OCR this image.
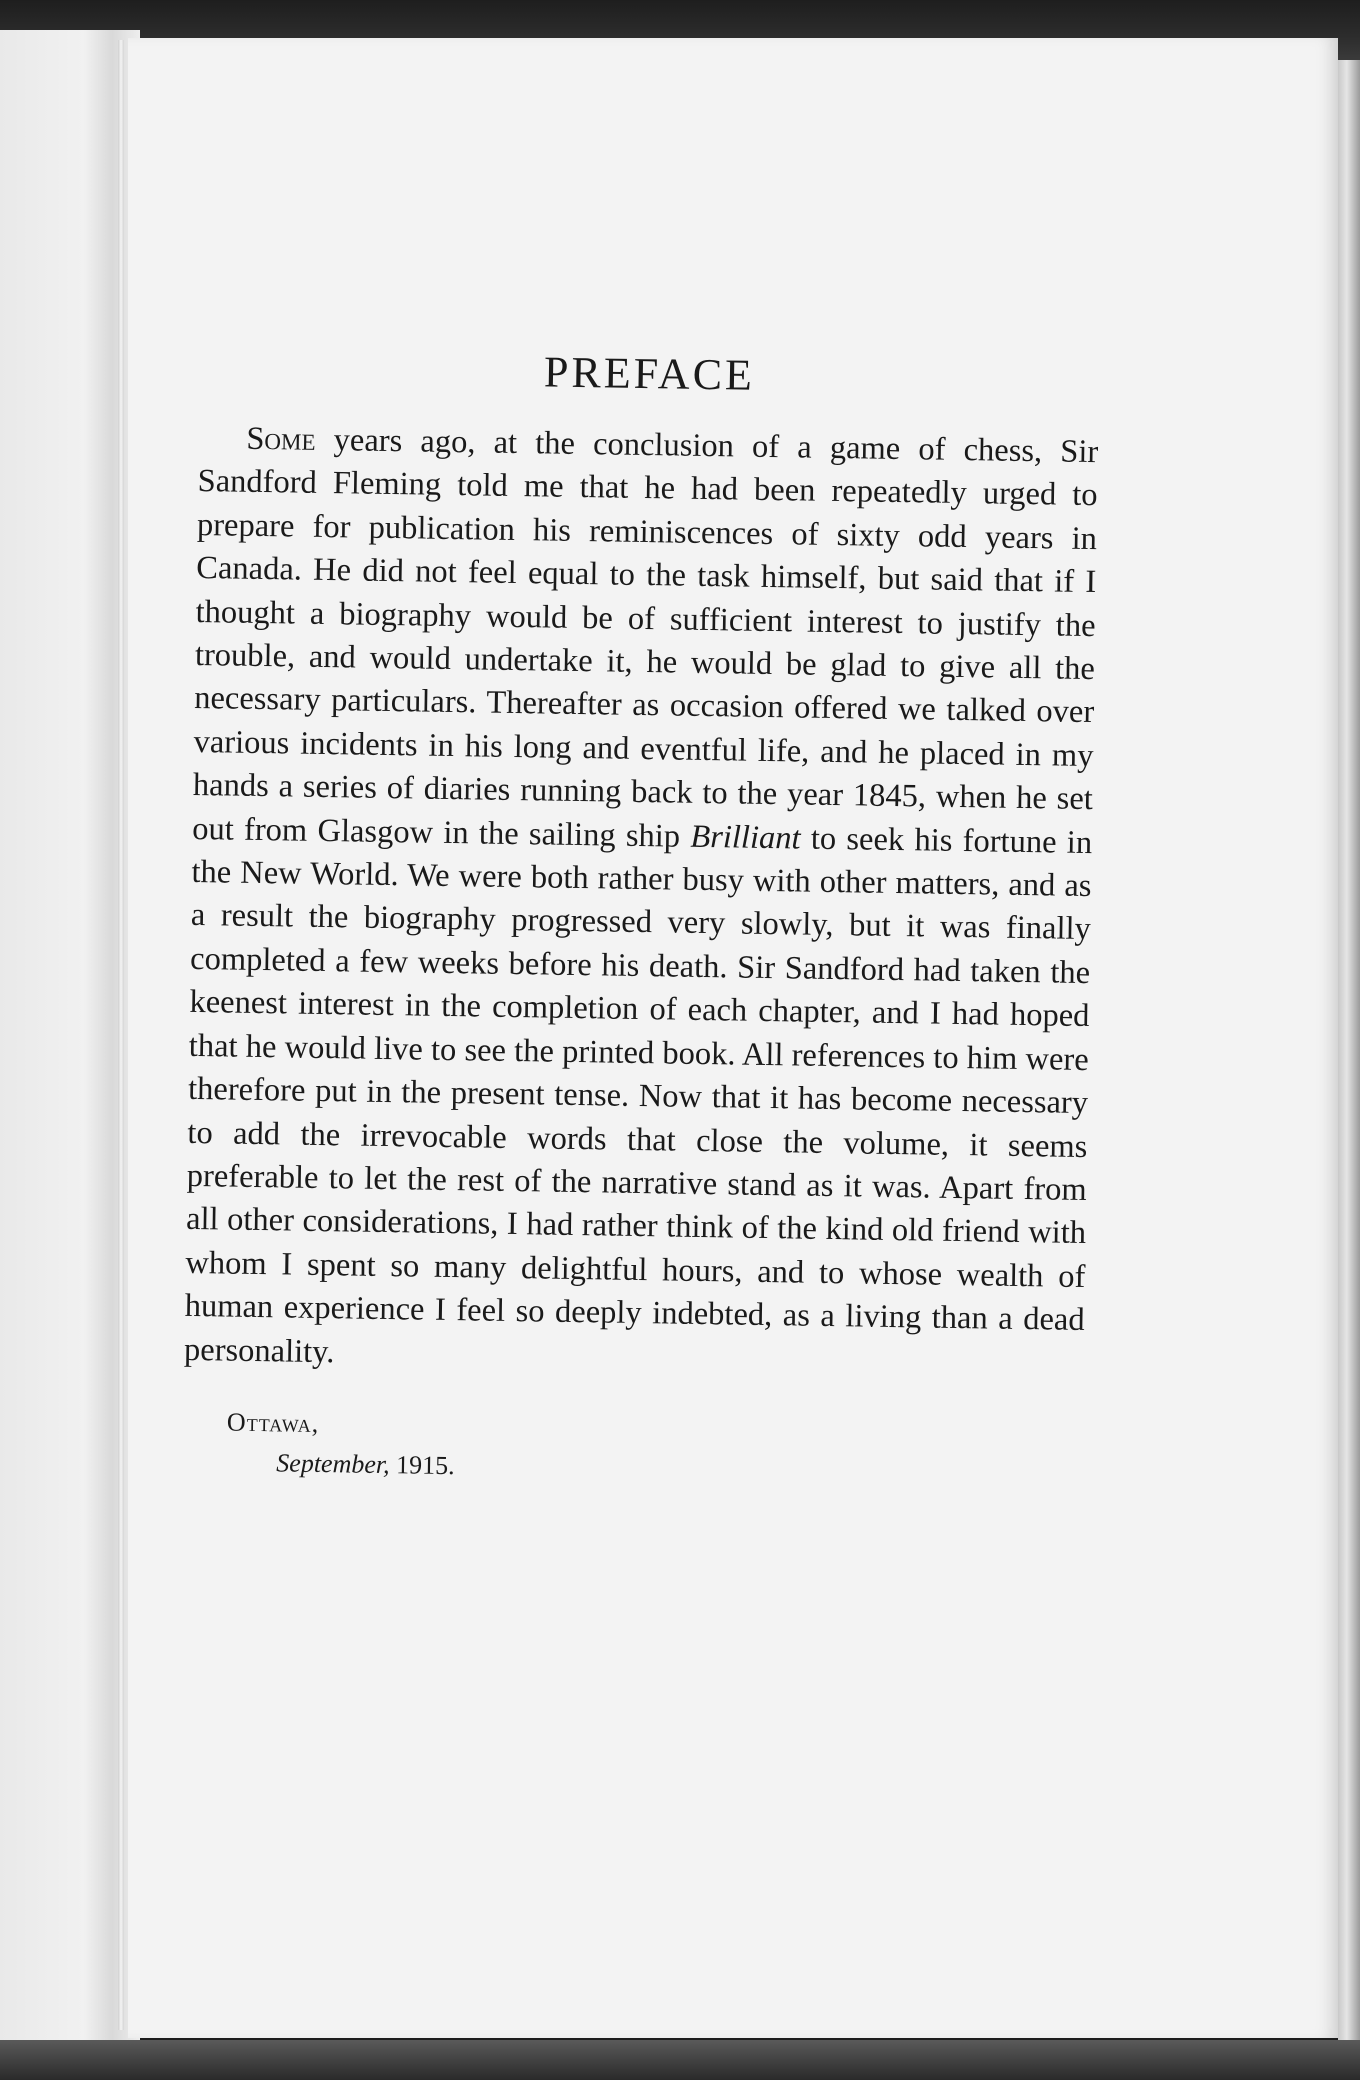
PREFACE

Some years ago, at the conclusion of a game of chess, Sir Sandford Fleming told me that he had been repeatedly urged to prepare for publication his reminiscences of sixty odd years in Canada. He did not feel equal to the task himself, but said that if I thought a biography would be of sufficient interest to justify the trouble, and would undertake it, he would be glad to give all the necessary particulars. Thereafter as occasion offered we talked over various incidents in his long and eventful life, and he placed in my hands a series of diaries running back to the year 1845, when he set out from Glasgow in the sailing ship Brilliant to seek his fortune in the New World. We were both rather busy with other matters, and as a result the biography progressed very slowly, but it was finally completed a few weeks before his death. Sir Sandford had taken the keenest interest in the completion of each chapter, and I had hoped that he would live to see the printed book. All references to him were therefore put in the present tense. Now that it has become necessary to add the irrevocable words that close the volume, it seems preferable to let the rest of the narrative stand as it was. Apart from all other considerations, I had rather think of the kind old friend with whom I spent so many delightful hours, and to whose wealth of human experience I feel so deeply indebted, as a living than a dead personality.

Ottawa,
September, 1915.
